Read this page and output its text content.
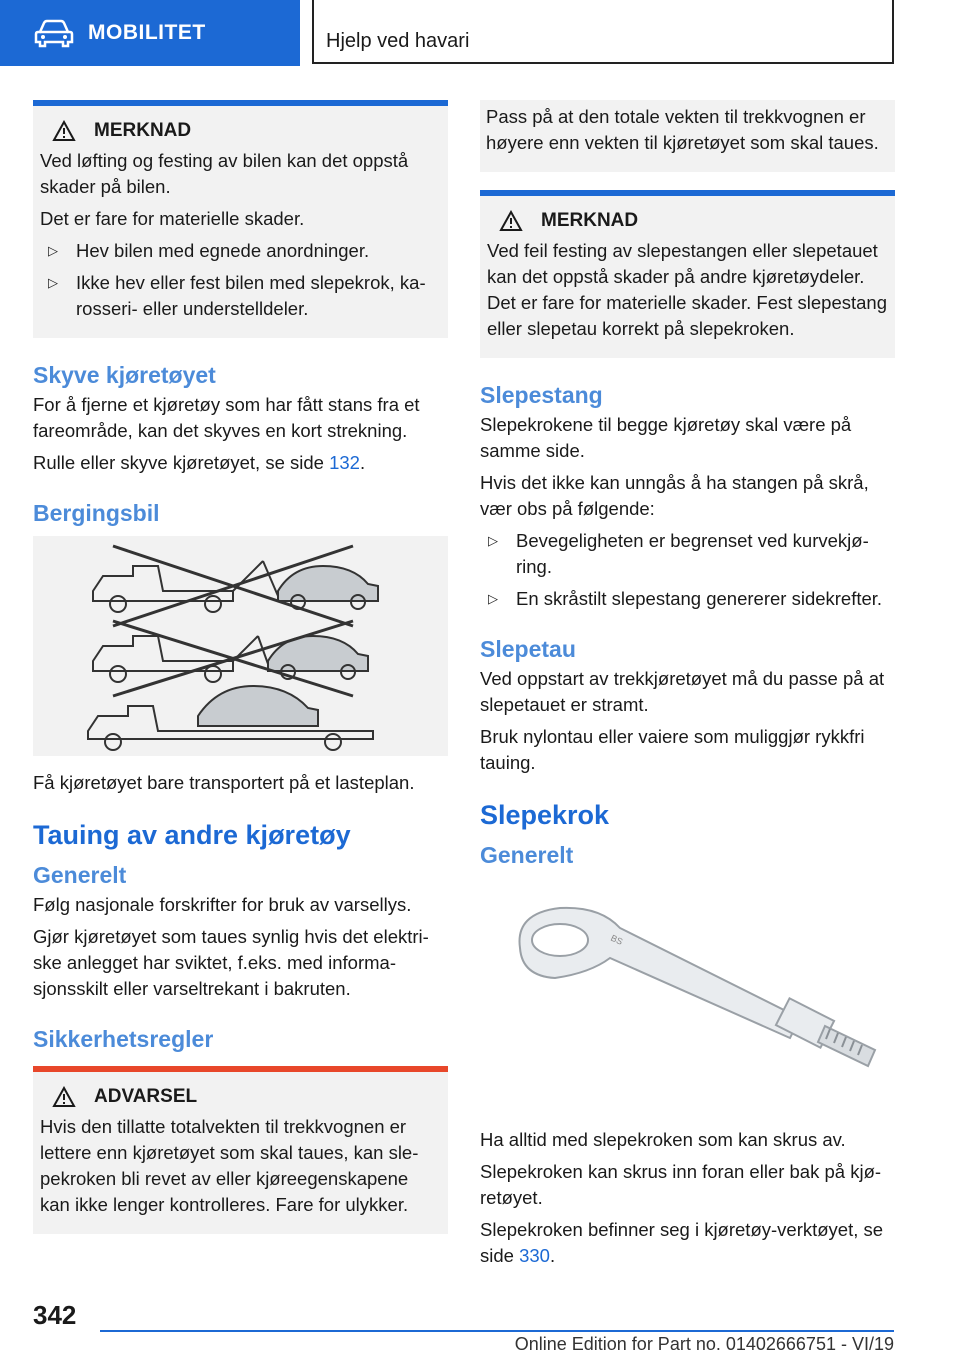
MOBILITET	Hjelp ved havari
MERKNAD

Ved løfting og festing av bilen kan det oppstå skader på bilen.

Det er fare for materielle skader.

▷ Hev bilen med egnede anordninger.
▷ Ikke hev eller fest bilen med slepekrok, karosseri- eller understelldeler.
Skyve kjøretøyet

For å fjerne et kjøretøy som har fått stans fra et fareområde, kan det skyves en kort strekning.

Rulle eller skyve kjøretøyet, se side 132.

Bergingsbil

Få kjøretøyet bare transportert på et lasteplan.

Tauing av andre kjøretøy
Generelt

Følg nasjonale forskrifter for bruk av varsellys.

Gjør kjøretøyet som taues synlig hvis det elektriske anlegget har sviktet, f.eks. med informasjonsskilt eller varseltrekant i bakruten.

Sikkerhetsregler
ADVARSEL

Hvis den tillatte totalvekten til trekkvognen er lettere enn kjøretøyet som skal taues, kan slepekroken bli revet av eller kjøreegenskapene kan ikke lenger kontrolleres. Fare for ulykker.

Pass på at den totale vekten til trekkvognen er høyere enn vekten til kjøretøyet som skal taues.

MERKNAD

Ved feil festing av slepestangen eller slepetauet kan det oppstå skader på andre kjøretøydeler. Det er fare for materielle skader. Fest slepestang eller slepetau korrekt på slepekroken.

Slepestang

Slepekrokene til begge kjøretøy skal være på samme side.

Hvis det ikke kan unngås å ha stangen på skrå, vær obs på følgende:

▷ Bevegeligheten er begrenset ved kurvekjøring.
▷ En skråstilt slepestang genererer sidekrefter.
Slepetau

Ved oppstart av trekkjøretøyet må du passe på at slepetauet er stramt.

Bruk nylontau eller vaiere som muliggjør rykkfri tauing.

Slepekrok
Generelt
BS

Ha alltid med slepekroken som kan skrus av.

Slepekroken kan skrus inn foran eller bak på kjøretøyet.

Slepekroken befinner seg i kjøretøy-verktøyet, se side 330.

342
Online Edition for Part no. 01402666751 - VI/19
